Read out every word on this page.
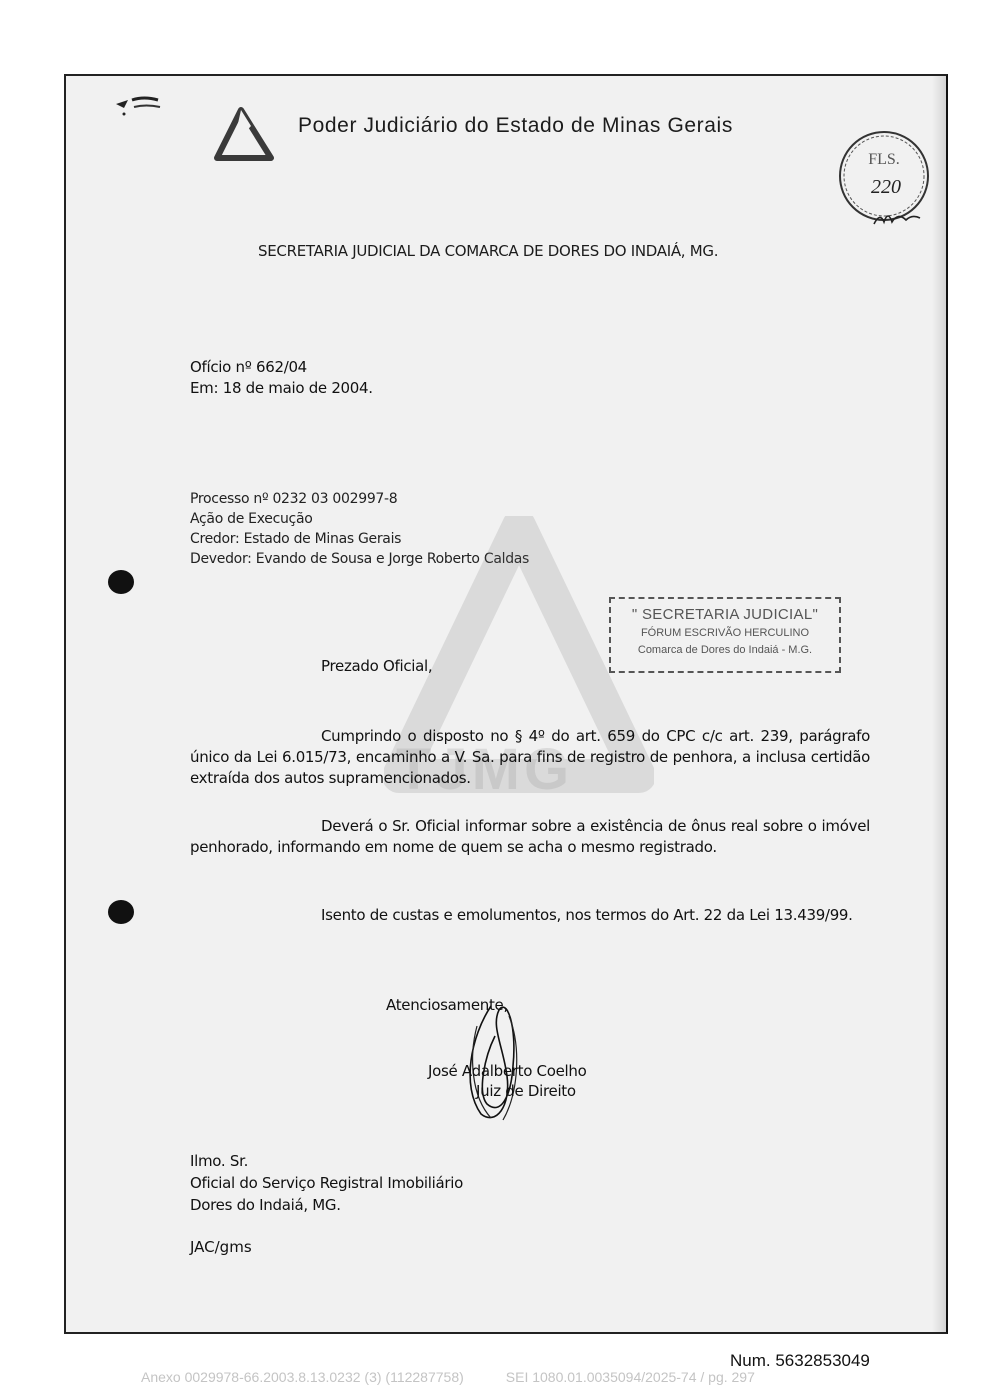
Poder Judiciário do Estado de Minas Gerais
FLS.
220
SECRETARIA JUDICIAL DA COMARCA DE DORES DO INDAIÁ, MG.
Ofício nº 662/04
Em: 18 de maio de 2004.
Processo nº 0232 03 002997-8
Ação de Execução
Credor: Estado de Minas Gerais
Devedor: Evando de Sousa e Jorge Roberto Caldas
TJMG
" SECRETARIA JUDICIAL"
FÓRUM ESCRIVÃO HERCULINO
Comarca de Dores do Indaiá - M.G.
Prezado Oficial,
Cumprindo o disposto no § 4º do art. 659 do CPC c/c art. 239, parágrafo único da Lei 6.015/73, encaminho a V. Sa. para fins de registro de penhora, a inclusa certidão extraída dos autos supramencionados.
Deverá o Sr. Oficial informar sobre a existência de ônus real sobre o imóvel penhorado, informando em nome de quem se acha o mesmo registrado.
Isento de custas e emolumentos, nos termos do Art. 22 da Lei 13.439/99.
Atenciosamente,
José Adalberto Coelho
Juiz de Direito
Ilmo. Sr.
Oficial do Serviço Registral Imobiliário
Dores do Indaiá, MG.
JAC/gms
Num. 5632853049
Anexo 0029978-66.2003.8.13.0232 (3) (112287758)	SEI 1080.01.0035094/2025-74 / pg. 297
